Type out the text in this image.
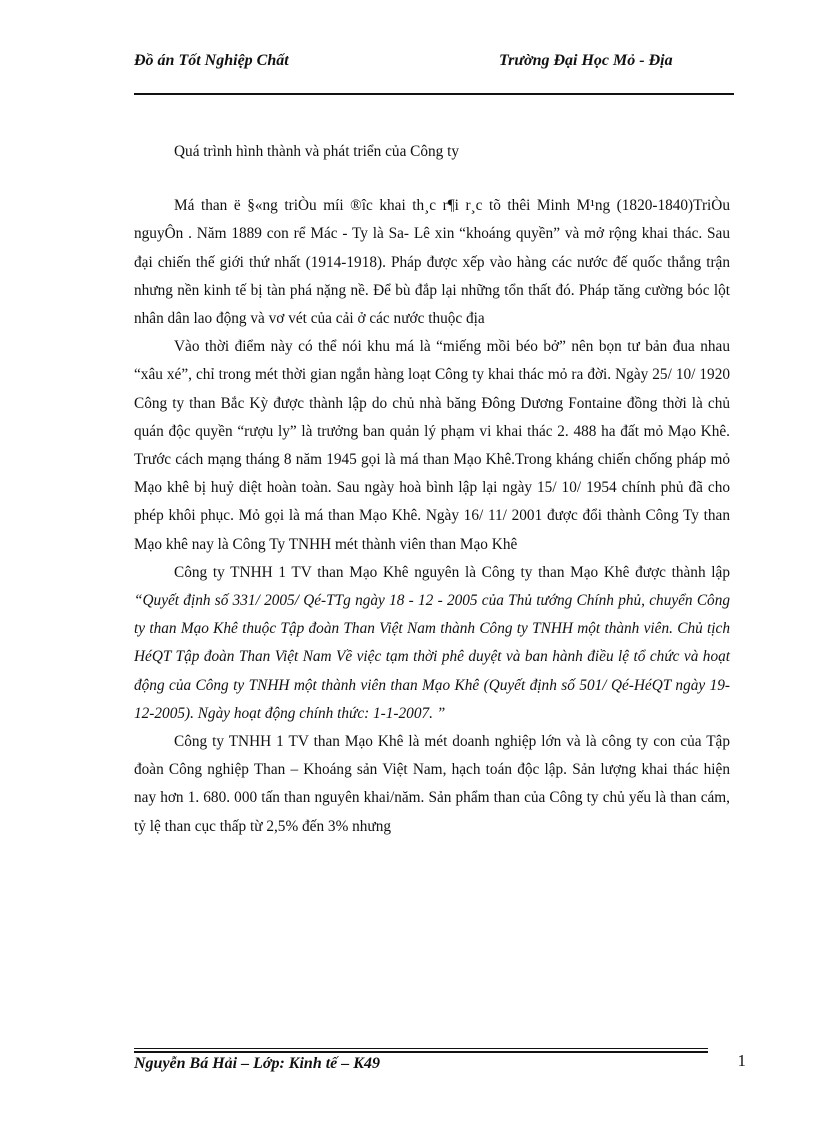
Đồ án Tốt Nghiệp Chất	Trường Đại Học Mỏ - Địa

Quá trình hình thành và phát triển của Công ty

Má than ë §«ng triÒu míi ®îc khai th¸c r¶i r¸c tõ thêi Minh M¹ng (1820-1840)TriÒu nguyÔn . Năm 1889 con rể Mác - Ty là Sa- Lê xin “khoáng quyền” và mở rộng khai thác. Sau đại chiến thế giới thứ nhất (1914-1918). Pháp được xếp vào hàng các nước đế quốc thắng trận nhưng nền kinh tế bị tàn phá nặng nề. Để bù đắp lại những tổn thất đó. Pháp tăng cường bóc lột nhân dân lao động và vơ vét của cải ở các nước thuộc địa

Vào thời điểm này có thể nói khu má là “miếng mồi béo bở” nên bọn tư bản đua nhau “xâu xé”, chỉ trong mét thời gian ngắn hàng loạt Công ty khai thác mỏ ra đời. Ngày 25/ 10/ 1920 Công ty than Bắc Kỳ được thành lập do chủ nhà băng Đông Dương Fontaine đồng thời là chủ quán độc quyền “rượu ly” là trưởng ban quản lý phạm vi khai thác 2. 488 ha đất mỏ Mạo Khê. Trước cách mạng tháng 8 năm 1945 gọi là má than Mạo Khê.Trong kháng chiến chống pháp mỏ Mạo khê bị huỷ diệt hoàn toàn. Sau ngày hoà bình lập lại ngày 15/ 10/ 1954 chính phủ đã cho phép khôi phục. Mỏ gọi là má than Mạo Khê. Ngày 16/ 11/ 2001 được đổi thành Công Ty than Mạo khê nay là Công Ty TNHH mét thành viên than Mạo Khê

Công ty TNHH 1 TV than Mạo Khê nguyên là Công ty than Mạo Khê được thành lập “Quyết định số 331/ 2005/ Qé-TTg ngày 18 - 12 - 2005 của Thủ tướng Chính phủ, chuyển Công ty than Mạo Khê thuộc Tập đoàn Than Việt Nam thành Công ty TNHH một thành viên. Chủ tịch HéQT Tập đoàn Than Việt Nam Về việc tạm thời phê duyệt và ban hành điều lệ tổ chức và hoạt động của Công ty TNHH một thành viên than Mạo Khê (Quyết định số 501/ Qé-HéQT ngày 19-12-2005). Ngày hoạt động chính thức: 1-1-2007. ”

Công ty TNHH 1 TV than Mạo Khê là mét doanh nghiệp lớn và là công ty con của Tập đoàn Công nghiệp Than – Khoáng sản Việt Nam, hạch toán độc lập. Sản lượng khai thác hiện nay hơn 1. 680. 000 tấn than nguyên khai/năm. Sản phẩm than của Công ty chủ yếu là than cám, tỷ lệ than cục thấp từ 2,5% đến 3% nhưng

Nguyễn Bá Hải – Lớp: Kinh tế – K49	1
